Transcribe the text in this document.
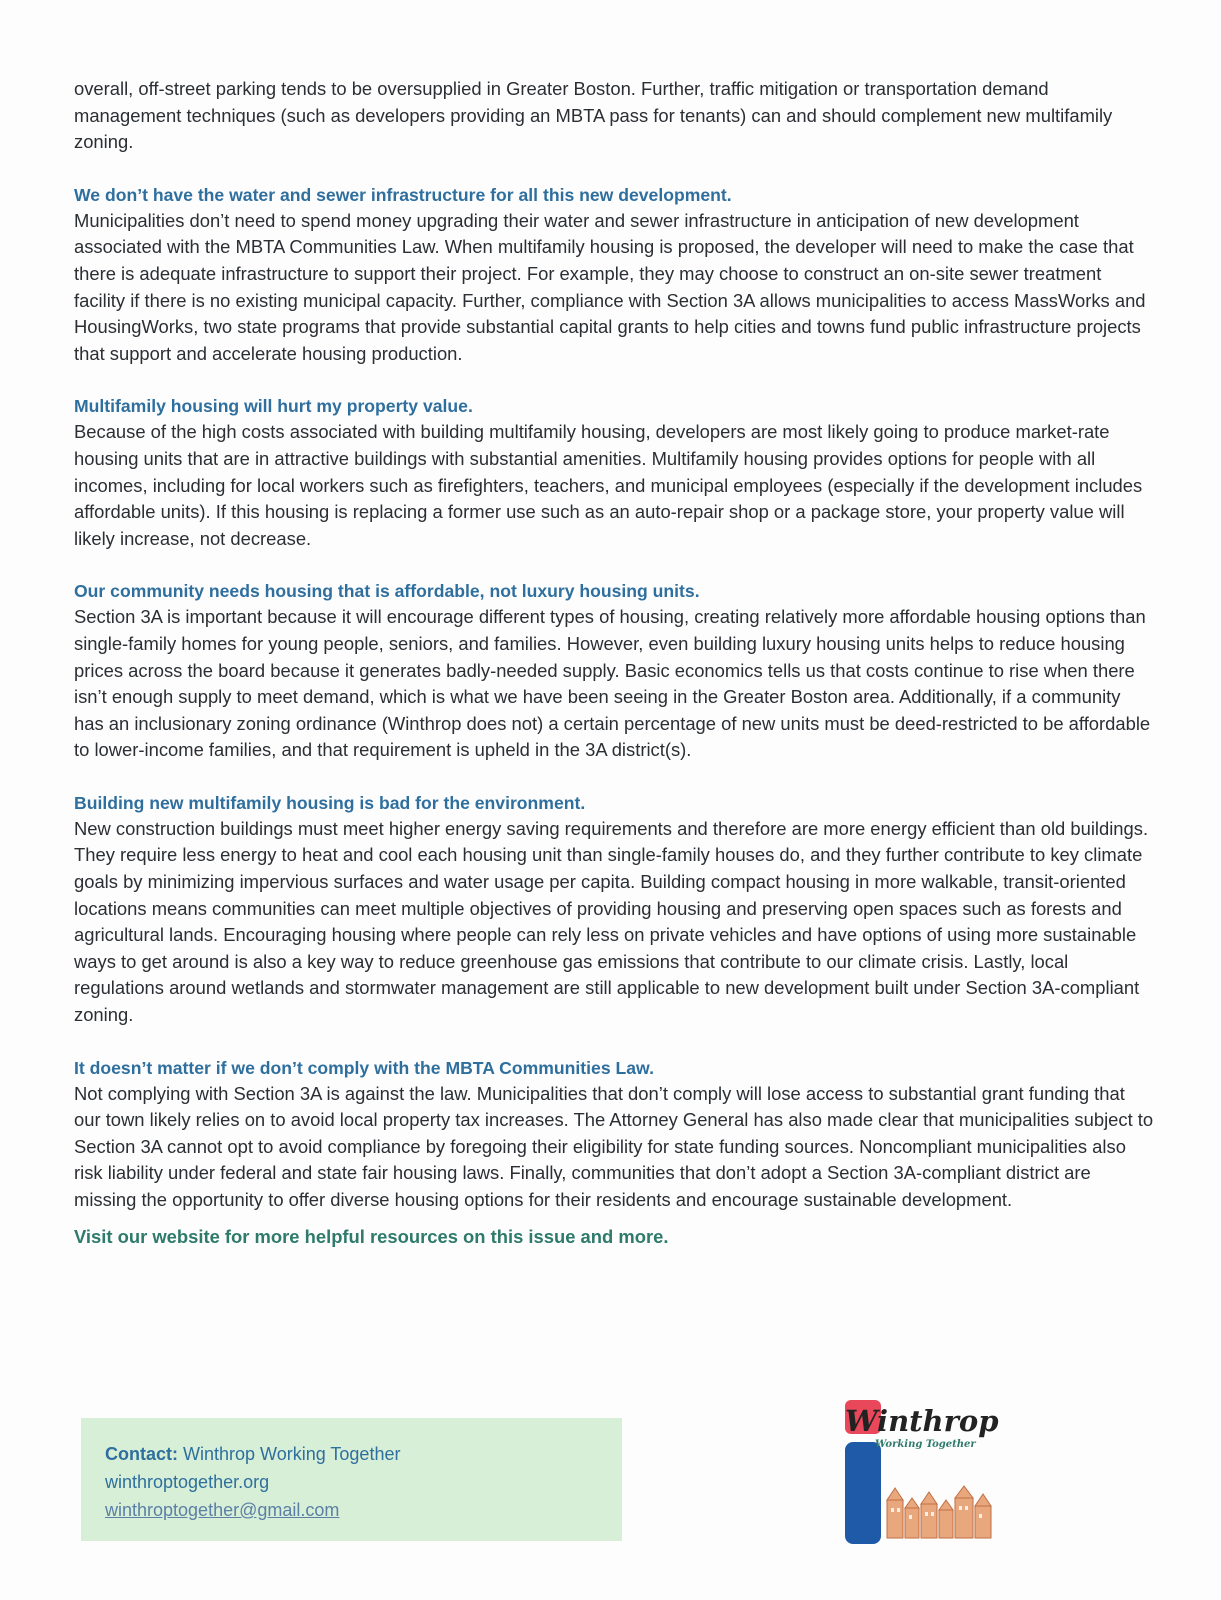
overall, off-street parking tends to be oversupplied in Greater Boston. Further, traffic mitigation or transportation demand management techniques (such as developers providing an MBTA pass for tenants) can and should complement new multifamily zoning.

We don’t have the water and sewer infrastructure for all this new development.

Municipalities don’t need to spend money upgrading their water and sewer infrastructure in anticipation of new development associated with the MBTA Communities Law. When multifamily housing is proposed, the developer will need to make the case that there is adequate infrastructure to support their project. For example, they may choose to construct an on-site sewer treatment facility if there is no existing municipal capacity. Further, compliance with Section 3A allows municipalities to access MassWorks and HousingWorks, two state programs that provide substantial capital grants to help cities and towns fund public infrastructure projects that support and accelerate housing production.

Multifamily housing will hurt my property value.

Because of the high costs associated with building multifamily housing, developers are most likely going to produce market-rate housing units that are in attractive buildings with substantial amenities. Multifamily housing provides options for people with all incomes, including for local workers such as firefighters, teachers, and municipal employees (especially if the development includes affordable units). If this housing is replacing a former use such as an auto-repair shop or a package store, your property value will likely increase, not decrease.

Our community needs housing that is affordable, not luxury housing units.

Section 3A is important because it will encourage different types of housing, creating relatively more affordable housing options than single-family homes for young people, seniors, and families. However, even building luxury housing units helps to reduce housing prices across the board because it generates badly-needed supply. Basic economics tells us that costs continue to rise when there isn’t enough supply to meet demand, which is what we have been seeing in the Greater Boston area. Additionally, if a community has an inclusionary zoning ordinance (Winthrop does not) a certain percentage of new units must be deed-restricted to be affordable to lower-income families, and that requirement is upheld in the 3A district(s).

Building new multifamily housing is bad for the environment.

New construction buildings must meet higher energy saving requirements and therefore are more energy efficient than old buildings. They require less energy to heat and cool each housing unit than single-family houses do, and they further contribute to key climate goals by minimizing impervious surfaces and water usage per capita. Building compact housing in more walkable, transit-oriented locations means communities can meet multiple objectives of providing housing and preserving open spaces such as forests and agricultural lands. Encouraging housing where people can rely less on private vehicles and have options of using more sustainable ways to get around is also a key way to reduce greenhouse gas emissions that contribute to our climate crisis. Lastly, local regulations around wetlands and stormwater management are still applicable to new development built under Section 3A-compliant zoning.

It doesn’t matter if we don’t comply with the MBTA Communities Law.

Not complying with Section 3A is against the law. Municipalities that don’t comply will lose access to substantial grant funding that our town likely relies on to avoid local property tax increases. The Attorney General has also made clear that municipalities subject to Section 3A cannot opt to avoid compliance by foregoing their eligibility for state funding sources. Noncompliant municipalities also risk liability under federal and state fair housing laws. Finally, communities that don’t adopt a Section 3A-compliant district are missing the opportunity to offer diverse housing options for their residents and encourage sustainable development.

Visit our website for more helpful resources on this issue and more.
Contact: Winthrop Working Together
winthroptogether.org
winthroptogether@gmail.com
Winthrop
Working Together
